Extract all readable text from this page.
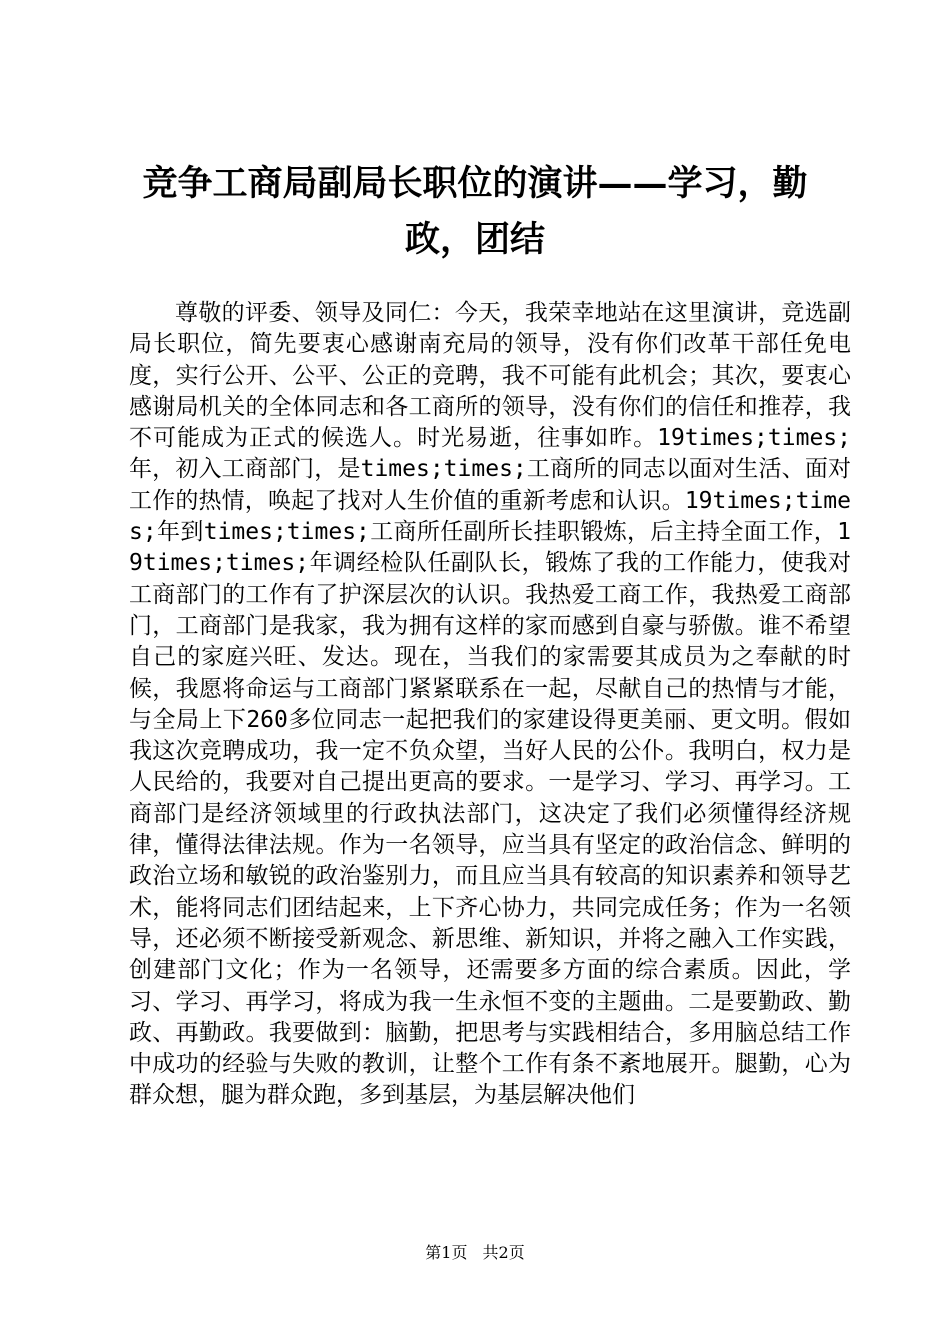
竞争工商局副局长职位的演讲——学习，勤政，团结

尊敬的评委、领导及同仁：今天，我荣幸地站在这里演讲，竞选副局长职位，简先要衷心感谢南充局的领导，没有你们改革干部任免电度，实行公开、公平、公正的竞聘，我不可能有此机会；其次，要衷心感谢局机关的全体同志和各工商所的领导，没有你们的信任和推荐，我不可能成为正式的候选人。时光易逝，往事如昨。19times;times;年，初入工商部门，是times;times;工商所的同志以面对生活、面对工作的热情，唤起了找对人生价值的重新考虑和认识。19times;times;年到times;times;工商所任副所长挂职锻炼，后主持全面工作，19times;times;年调经检队任副队长，锻炼了我的工作能力，使我对工商部门的工作有了护深层次的认识。我热爱工商工作，我热爱工商部门，工商部门是我家，我为拥有这样的家而感到自豪与骄傲。谁不希望自己的家庭兴旺、发达。现在，当我们的家需要其成员为之奉献的时候，我愿将命运与工商部门紧紧联系在一起，尽献自己的热情与才能，与全局上下260多位同志一起把我们的家建设得更美丽、更文明。假如我这次竞聘成功，我一定不负众望，当好人民的公仆。我明白，权力是人民给的，我要对自己提出更高的要求。一是学习、学习、再学习。工商部门是经济领域里的行政执法部门，这决定了我们必须懂得经济规律，懂得法律法规。作为一名领导，应当具有坚定的政治信念、鲜明的政治立场和敏锐的政治鉴别力，而且应当具有较高的知识素养和领导艺术，能将同志们团结起来，上下齐心协力，共同完成任务；作为一名领导，还必须不断接受新观念、新思维、新知识，并将之融入工作实践，创建部门文化；作为一名领导，还需要多方面的综合素质。因此，学习、学习、再学习，将成为我一生永恒不变的主题曲。二是要勤政、勤政、再勤政。我要做到：脑勤，把思考与实践相结合，多用脑总结工作中成功的经验与失败的教训，让整个工作有条不紊地展开。腿勤，心为群众想，腿为群众跑，多到基层，为基层解决他们

第1页 共2页
